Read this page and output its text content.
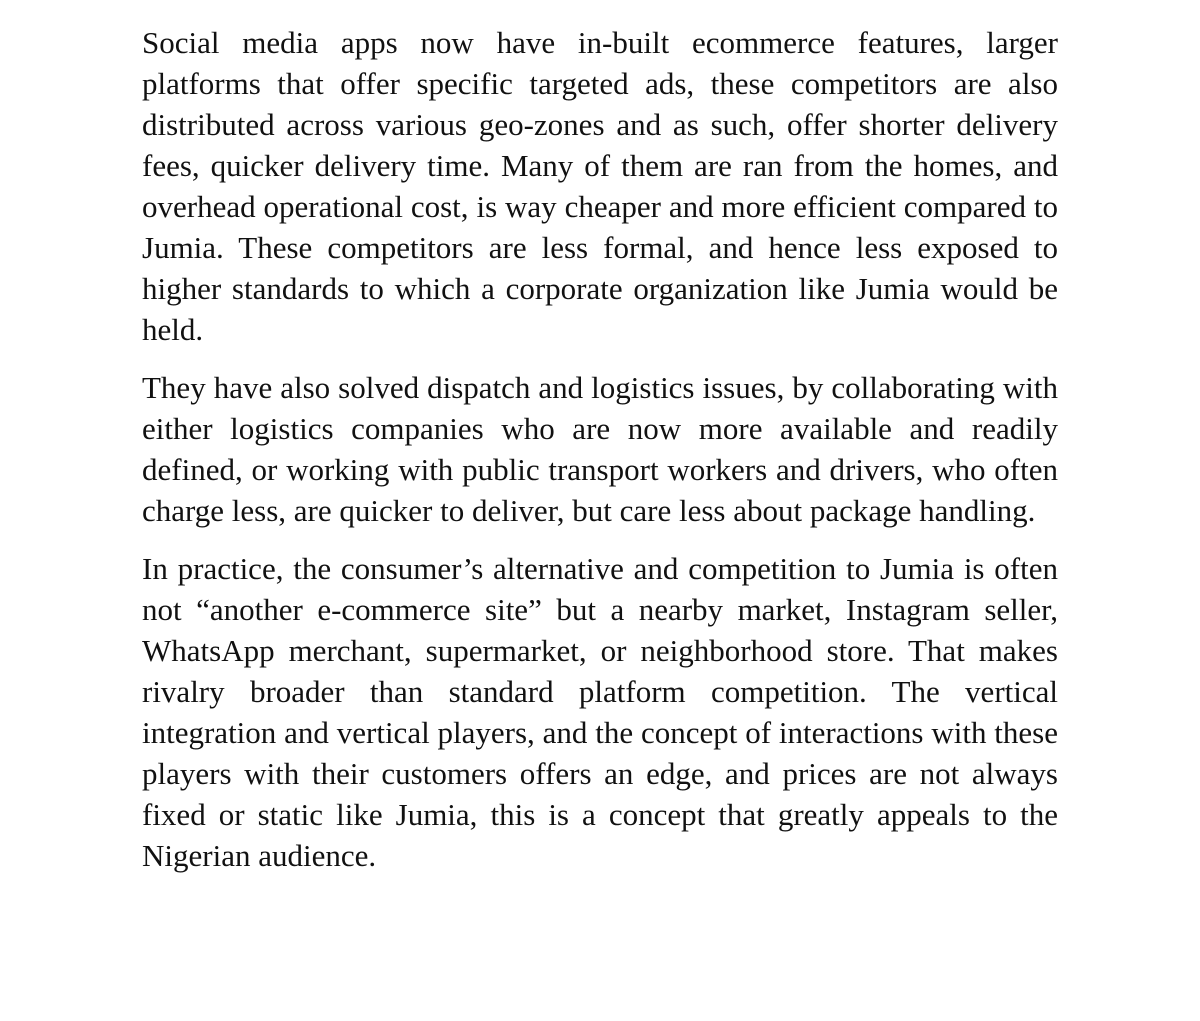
Social media apps now have in-built ecommerce features, larger platforms that offer specific targeted ads, these competitors are also distributed across various geo-zones and as such, offer shorter delivery fees, quicker delivery time. Many of them are ran from the homes, and overhead operational cost, is way cheaper and more efficient compared to Jumia. These competitors are less formal, and hence less exposed to higher standards to which a corporate organization like Jumia would be held.

They have also solved dispatch and logistics issues, by collaborating with either logistics companies who are now more available and readily defined, or working with public transport workers and drivers, who often charge less, are quicker to deliver, but care less about package handling.

In practice, the consumer’s alternative and competition to Jumia is often not “another e-commerce site” but a nearby market, Instagram seller, WhatsApp merchant, supermarket, or neighborhood store. That makes rivalry broader than standard platform competition. The vertical integration and vertical players, and the concept of interactions with these players with their customers offers an edge, and prices are not always fixed or static like Jumia, this is a concept that greatly appeals to the Nigerian audience.
